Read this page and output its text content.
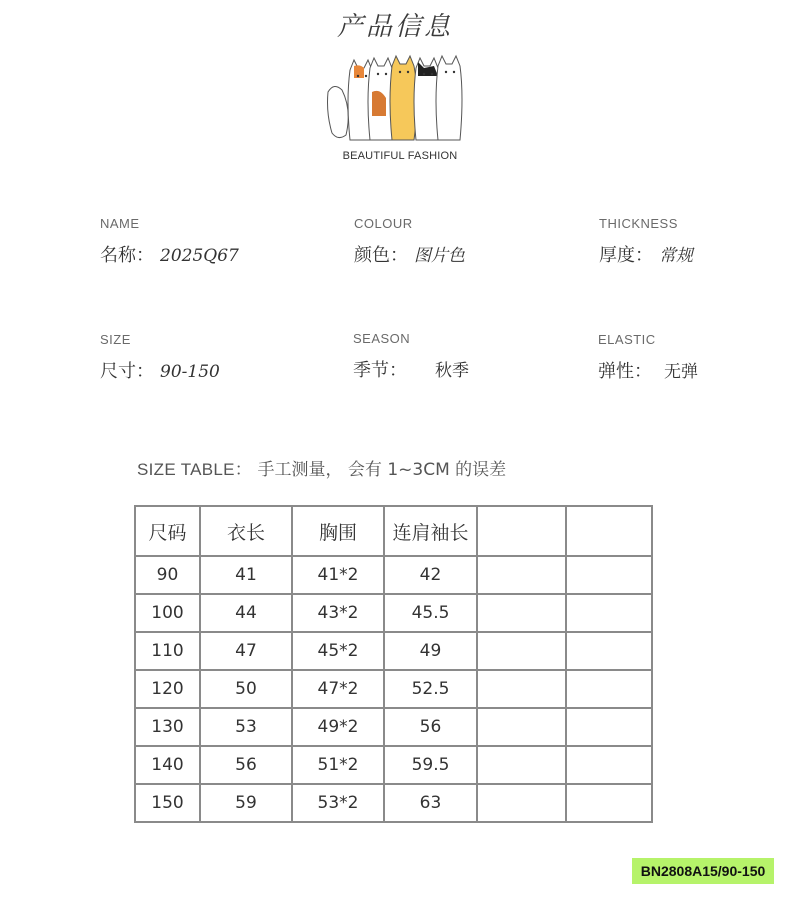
产品信息
BEAUTIFUL FASHION
NAME
名称： 2025Q67
COLOUR
颜色： 图片色
THICKNESS
厚度： 常规
SIZE
尺寸： 90-150
SEASON
季节： 秋季
ELASTIC
弹性： 无弹
SIZE TABLE： 手工测量， 会有 1~3CM 的误差
尺码	衣长	胸围	连肩袖长		
90	41	41*2	42		
100	44	43*2	45.5		
110	47	45*2	49		
120	50	47*2	52.5		
130	53	49*2	56		
140	56	51*2	59.5		
150	59	53*2	63		
BN2808A15/90-150
